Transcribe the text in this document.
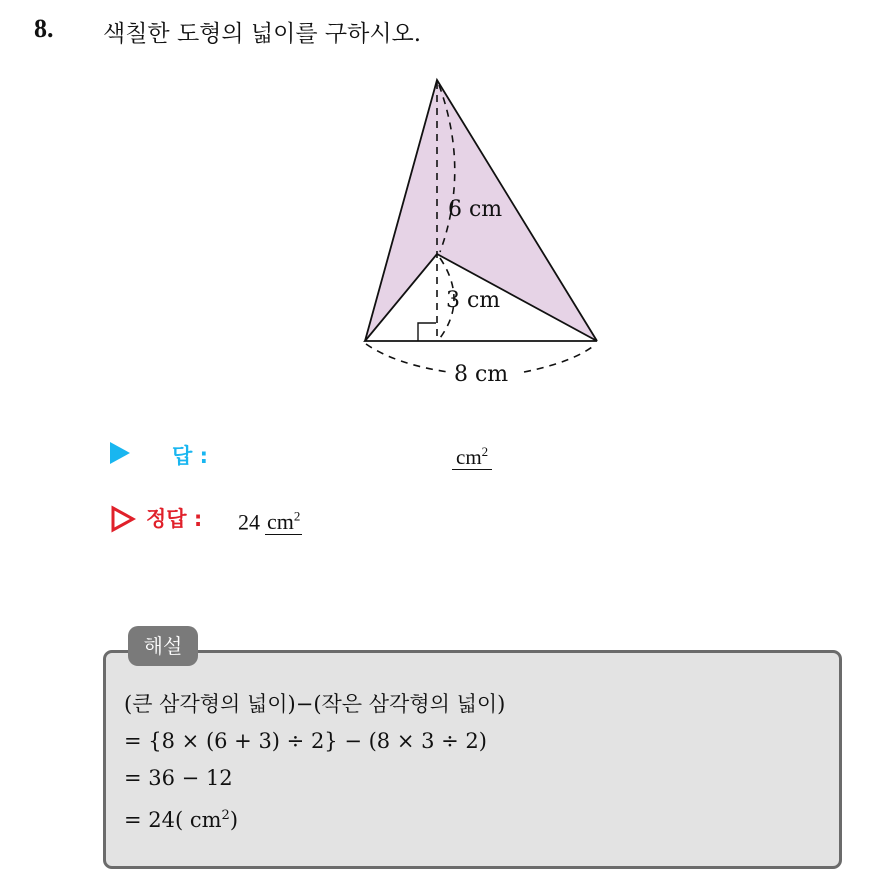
8. 색칠한 도형의 넓이를 구하시오.
6 cm
3 cm
8 cm
답 :	$cm^2$
정답 : 24 $cm^2$
해설
(큰 삼각형의 넓이)−(작은 삼각형의 넓이)
= {8 × (6 + 3) ÷ 2} − (8 × 3 ÷ 2)
= 36 − 12
= 24( $cm^2$)
